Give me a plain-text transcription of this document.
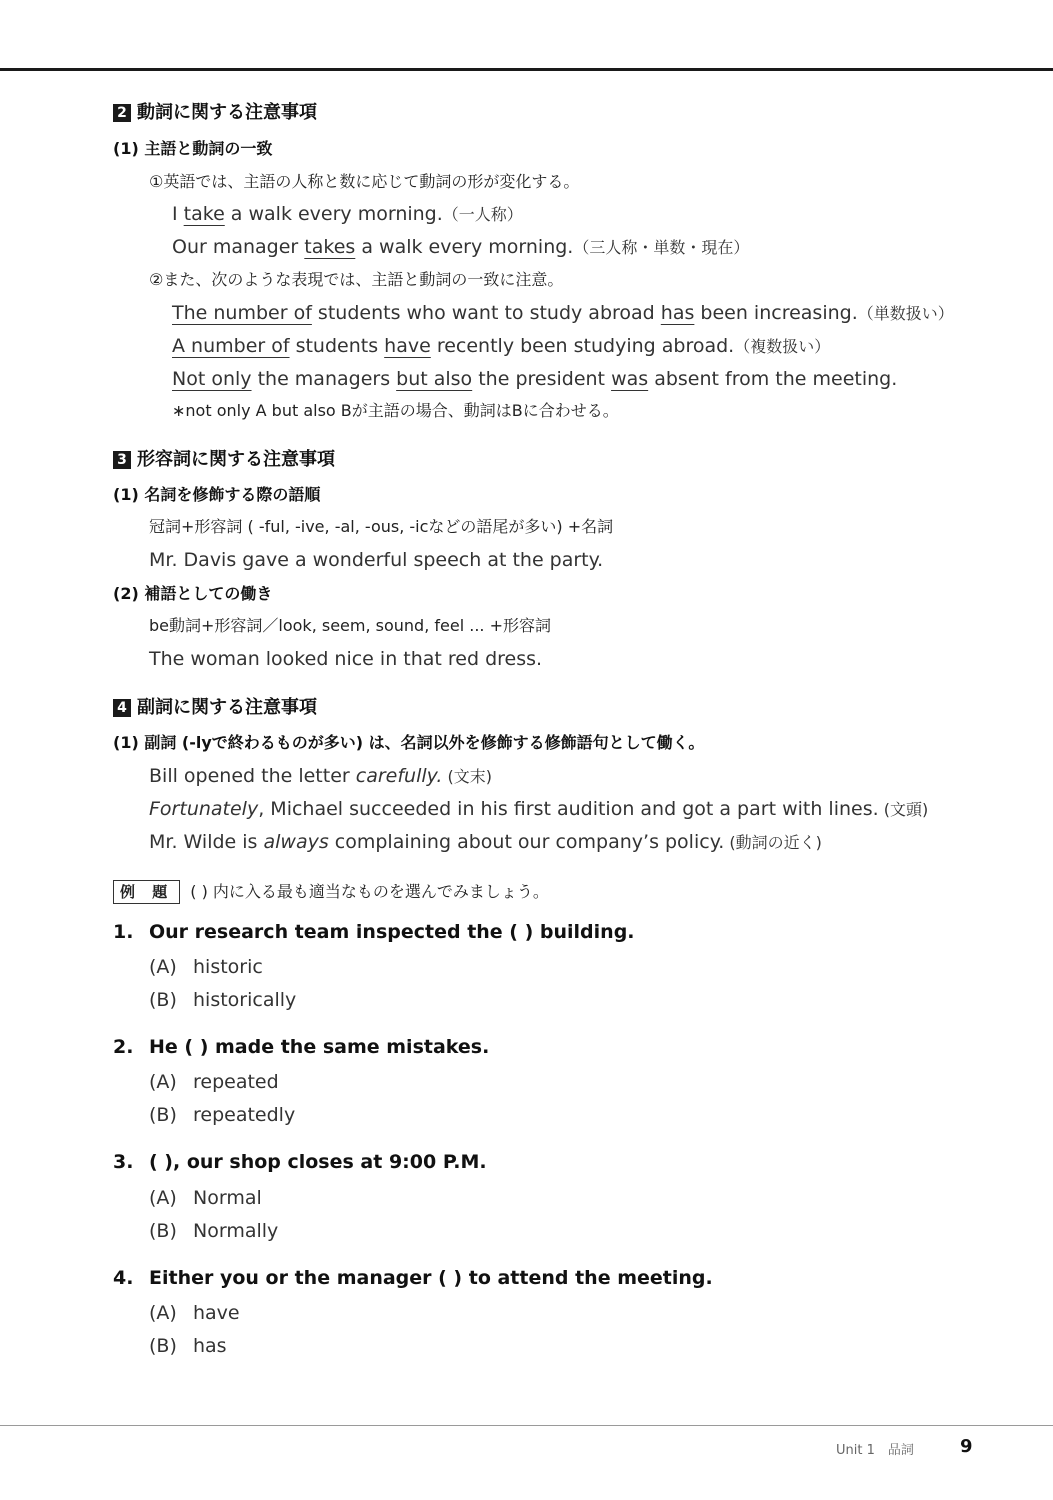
2 動詞に関する注意事項
(1) 主語と動詞の一致
①英語では、主語の人称と数に応じて動詞の形が変化する。
I take a walk every morning.（一人称）
Our manager takes a walk every morning.（三人称・単数・現在）
②また、次のような表現では、主語と動詞の一致に注意。
The number of students who want to study abroad has been increasing.（単数扱い）
A number of students have recently been studying abroad.（複数扱い）
Not only the managers but also the president was absent from the meeting.
∗not only A but also Bが主語の場合、動詞はBに合わせる。
3 形容詞に関する注意事項
(1) 名詞を修飾する際の語順
冠詞+形容詞 ( -ful, -ive, -al, -ous, -icなどの語尾が多い) +名詞
Mr. Davis gave a wonderful speech at the party.
(2) 補語としての働き
be動詞+形容詞／look, seem, sound, feel ... +形容詞
The woman looked nice in that red dress.
4 副詞に関する注意事項
(1) 副詞 (-lyで終わるものが多い) は、名詞以外を修飾する修飾語句として働く。
Bill opened the letter carefully. (文末)
Fortunately, Michael succeeded in his first audition and got a part with lines. (文頭)
Mr. Wilde is always complaining about our company’s policy. (動詞の近く)
例 題	( ) 内に入る最も適当なものを選んでみましょう。
1. Our research team inspected the ( ) building.
(A) historic
(B) historically
2. He ( ) made the same mistakes.
(A) repeated
(B) repeatedly
3. ( ), our shop closes at 9:00 P.M.
(A) Normal
(B) Normally
4. Either you or the manager ( ) to attend the meeting.
(A) have
(B) has
Unit 1　品詞	9
